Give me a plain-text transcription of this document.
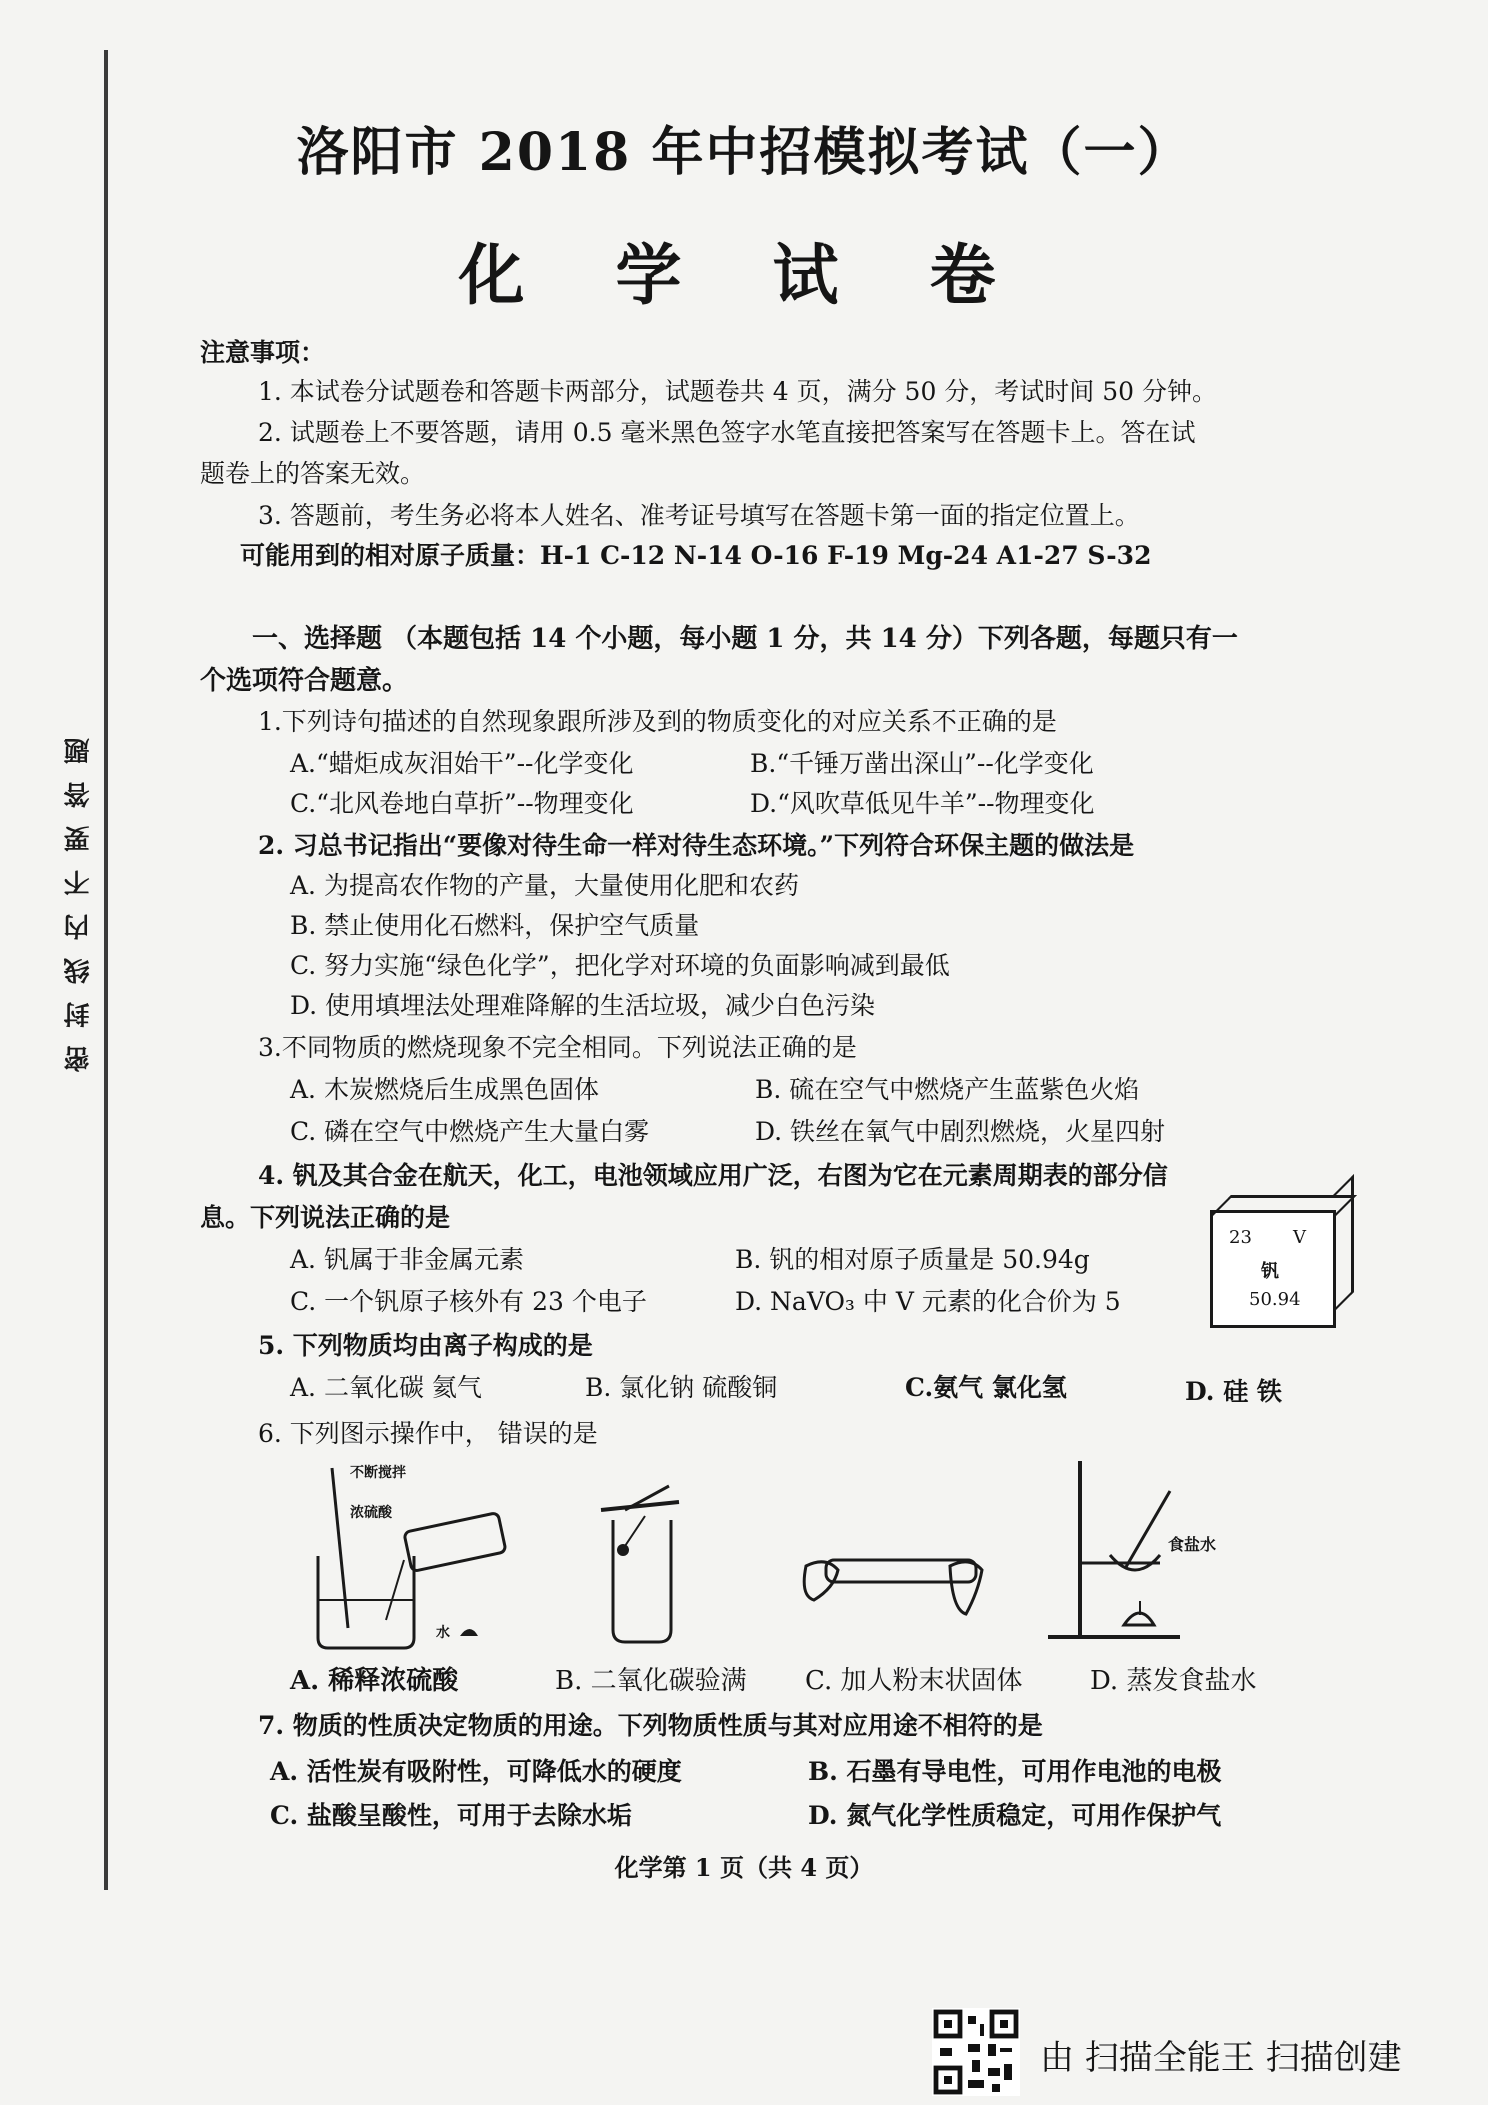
密封线内不要答题
洛阳市 2018 年中招模拟考试（一）
化 学 试 卷
注意事项：
1. 本试卷分试题卷和答题卡两部分，试题卷共 4 页，满分 50 分，考试时间 50 分钟。
2. 试题卷上不要答题，请用 0.5 毫米黑色签字水笔直接把答案写在答题卡上。答在试
题卷上的答案无效。
3. 答题前，考生务必将本人姓名、准考证号填写在答题卡第一面的指定位置上。
可能用到的相对原子质量：H-1 C-12 N-14 O-16 F-19 Mg-24 A1-27 S-32
一、选择题 （本题包括 14 个小题，每小题 1 分，共 14 分）下列各题，每题只有一
个选项符合题意。
1.下列诗句描述的自然现象跟所涉及到的物质变化的对应关系不正确的是
A.“蜡炬成灰泪始干”--化学变化	B.“千锤万凿出深山”--化学变化
C.“北风卷地白草折”--物理变化	D.“风吹草低见牛羊”--物理变化
2. 习总书记指出“要像对待生命一样对待生态环境。”下列符合环保主题的做法是
A. 为提高农作物的产量，大量使用化肥和农药
B. 禁止使用化石燃料，保护空气质量
C. 努力实施“绿色化学”，把化学对环境的负面影响减到最低
D. 使用填埋法处理难降解的生活垃圾，减少白色污染
3.不同物质的燃烧现象不完全相同。下列说法正确的是
A. 木炭燃烧后生成黑色固体	B. 硫在空气中燃烧产生蓝紫色火焰
C. 磷在空气中燃烧产生大量白雾	D. 铁丝在氧气中剧烈燃烧，火星四射
4. 钒及其合金在航天，化工，电池领域应用广泛，右图为它在元素周期表的部分信
息。下列说法正确的是
A. 钒属于非金属元素	B. 钒的相对原子质量是 50.94g
C. 一个钒原子核外有 23 个电子	D. NaVO₃ 中 V 元素的化合价为 5
23 V
钒
50.94
5. 下列物质均由离子构成的是
A. 二氧化碳 氦气	B. 氯化钠 硫酸铜	C.氨气 氯化氢	D. 硅 铁
6. 下列图示操作中， 错误的是
不断搅拌
浓硫酸
水
食盐水
A. 稀释浓硫酸	B. 二氧化碳验满 C. 加人粉末状固体	D. 蒸发食盐水
7. 物质的性质决定物质的用途。下列物质性质与其对应用途不相符的是
A. 活性炭有吸附性，可降低水的硬度	B. 石墨有导电性，可用作电池的电极
C. 盐酸呈酸性，可用于去除水垢	D. 氮气化学性质稳定，可用作保护气
化学第 1 页（共 4 页）
由 扫描全能王 扫描创建
